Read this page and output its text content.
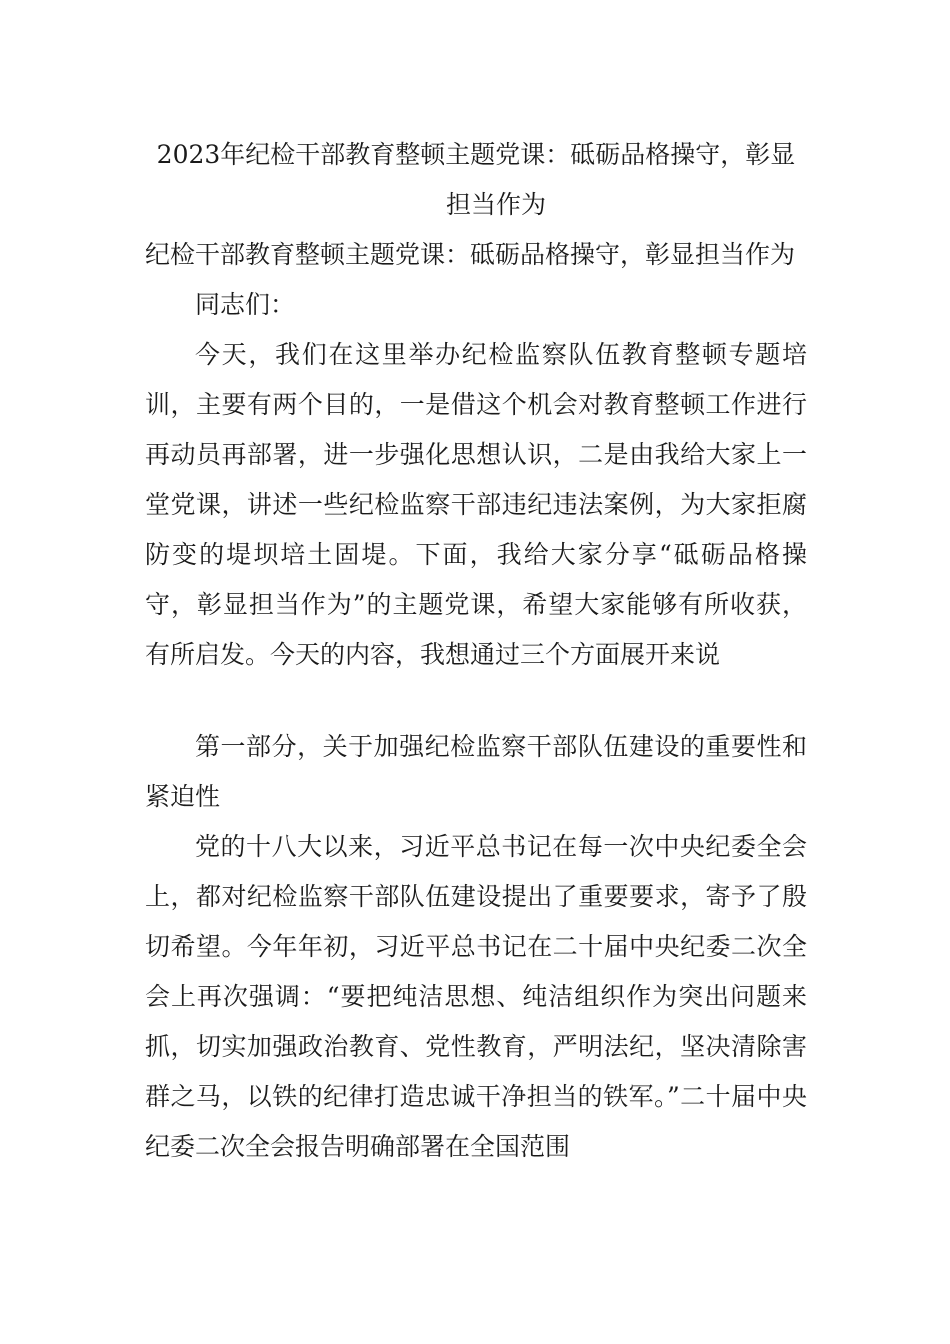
2023年纪检干部教育整顿主题党课：砥砺品格操守，彰显
担当作为

纪检干部教育整顿主题党课：砥砺品格操守，彰显担当作为

同志们：

今天，我们在这里举办纪检监察队伍教育整顿专题培训，主要有两个目的，一是借这个机会对教育整顿工作进行再动员再部署，进一步强化思想认识，二是由我给大家上一堂党课，讲述一些纪检监察干部违纪违法案例，为大家拒腐防变的堤坝培土固堤。下面，我给大家分享“砥砺品格操守，彰显担当作为”的主题党课，希望大家能够有所收获，有所启发。今天的内容，我想通过三个方面展开来说

第一部分，关于加强纪检监察干部队伍建设的重要性和紧迫性

党的十八大以来，习近平总书记在每一次中央纪委全会上，都对纪检监察干部队伍建设提出了重要要求，寄予了殷切希望。今年年初，习近平总书记在二十届中央纪委二次全会上再次强调：“要把纯洁思想、纯洁组织作为突出问题来抓，切实加强政治教育、党性教育，严明法纪，坚决清除害群之马，以铁的纪律打造忠诚干净担当的铁军。”二十届中央纪委二次全会报告明确部署在全国范围
